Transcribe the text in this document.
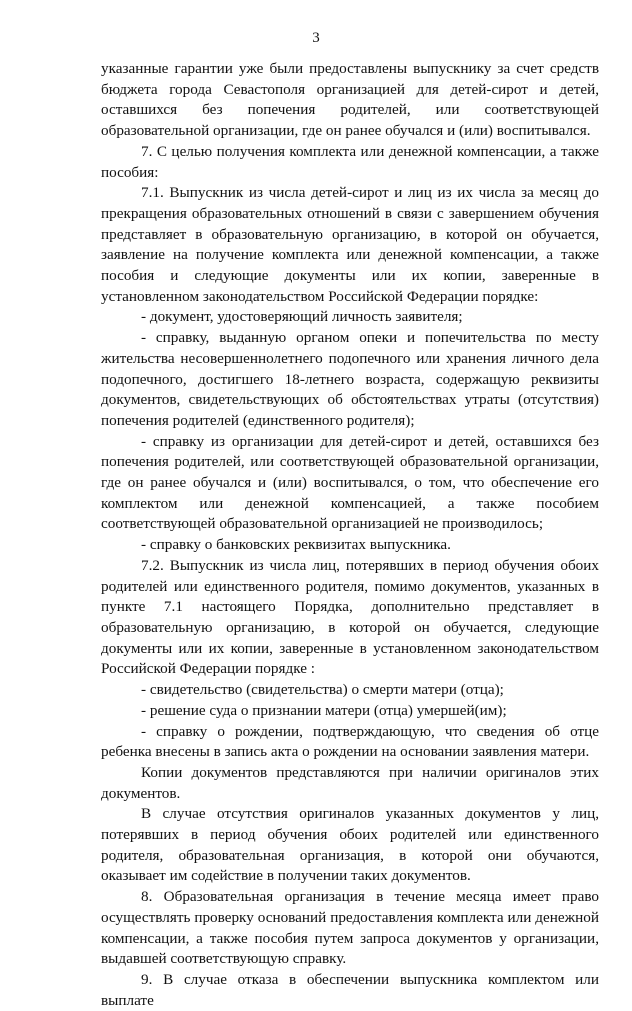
3

указанные гарантии уже были предоставлены выпускнику за счет средств бюджета города Севастополя организацией для детей-сирот и детей, оставшихся без попечения родителей, или соответствующей образовательной организации, где он ранее обучался и (или) воспитывался.

7. С целью получения комплекта или денежной компенсации, а также пособия:

7.1. Выпускник из числа детей-сирот и лиц из их числа за месяц до прекращения образовательных отношений в связи с завершением обучения представляет в образовательную организацию, в которой он обучается, заявление на получение комплекта или денежной компенсации, а также пособия и следующие документы или их копии, заверенные в установленном законодательством Российской Федерации порядке:

- документ, удостоверяющий личность заявителя;

- справку, выданную органом опеки и попечительства по месту жительства несовершеннолетнего подопечного или хранения личного дела подопечного, достигшего 18-летнего возраста, содержащую реквизиты документов, свидетельствующих об обстоятельствах утраты (отсутствия) попечения родителей (единственного родителя);

- справку из организации для детей-сирот и детей, оставшихся без попечения родителей, или соответствующей образовательной организации, где он ранее обучался и (или) воспитывался, о том, что обеспечение его комплектом или денежной компенсацией, а также пособием соответствующей образовательной организацией не производилось;

- справку о банковских реквизитах выпускника.

7.2. Выпускник из числа лиц, потерявших в период обучения обоих родителей или единственного родителя, помимо документов, указанных в пункте 7.1 настоящего Порядка, дополнительно представляет в образовательную организацию, в которой он обучается, следующие документы или их копии, заверенные в установленном законодательством Российской Федерации порядке :

- свидетельство (свидетельства) о смерти матери (отца);

- решение суда о признании матери (отца) умершей(им);

- справку о рождении, подтверждающую, что сведения об отце ребенка внесены в запись акта о рождении на основании заявления матери.

Копии документов представляются при наличии оригиналов этих документов.

В случае отсутствия оригиналов указанных документов у лиц, потерявших в период обучения обоих родителей или единственного родителя, образовательная организация, в которой они обучаются, оказывает им содействие в получении таких документов.

8. Образовательная организация в течение месяца имеет право осуществлять проверку оснований предоставления комплекта или денежной компенсации, а также пособия путем запроса документов у организации, выдавшей соответствующую справку.

9. В случае отказа в обеспечении выпускника комплектом или выплате
